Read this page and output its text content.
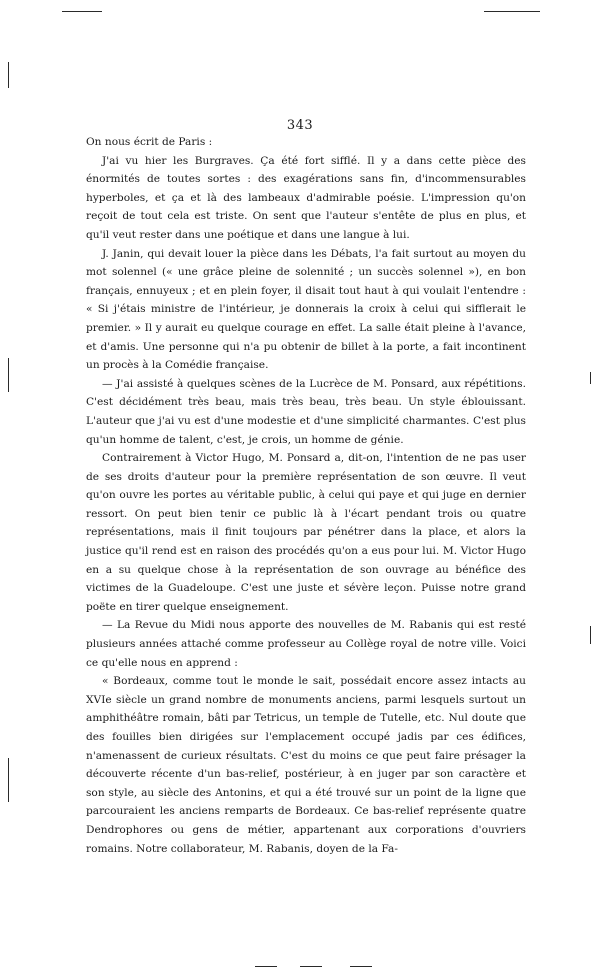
343

On nous écrit de Paris :

J'ai vu hier les Burgraves. Ça été fort sifflé. Il y a dans cette pièce des énormités de toutes sortes : des exagérations sans fin, d'incommensurables hyperboles, et ça et là des lambeaux d'admirable poésie. L'impression qu'on reçoit de tout cela est triste. On sent que l'auteur s'entête de plus en plus, et qu'il veut rester dans une poétique et dans une langue à lui.

J. Janin, qui devait louer la pièce dans les Débats, l'a fait surtout au moyen du mot solennel (« une grâce pleine de solennité ; un succès solennel »), en bon français, ennuyeux ; et en plein foyer, il disait tout haut à qui voulait l'entendre : « Si j'étais ministre de l'intérieur, je donnerais la croix à celui qui sifflerait le premier. » Il y aurait eu quelque courage en effet. La salle était pleine à l'avance, et d'amis. Une personne qui n'a pu obtenir de billet à la porte, a fait incontinent un procès à la Comédie française.

— J'ai assisté à quelques scènes de la Lucrèce de M. Ponsard, aux répétitions. C'est décidément très beau, mais très beau, très beau. Un style éblouissant. L'auteur que j'ai vu est d'une modestie et d'une simplicité charmantes. C'est plus qu'un homme de talent, c'est, je crois, un homme de génie.

Contrairement à Victor Hugo, M. Ponsard a, dit-on, l'intention de ne pas user de ses droits d'auteur pour la première représentation de son œuvre. Il veut qu'on ouvre les portes au véritable public, à celui qui paye et qui juge en dernier ressort. On peut bien tenir ce public là à l'écart pendant trois ou quatre représentations, mais il finit toujours par pénétrer dans la place, et alors la justice qu'il rend est en raison des procédés qu'on a eus pour lui. M. Victor Hugo en a su quelque chose à la représentation de son ouvrage au bénéfice des victimes de la Guadeloupe. C'est une juste et sévère leçon. Puisse notre grand poëte en tirer quelque enseignement.

— La Revue du Midi nous apporte des nouvelles de M. Rabanis qui est resté plusieurs années attaché comme professeur au Collège royal de notre ville. Voici ce qu'elle nous en apprend :

« Bordeaux, comme tout le monde le sait, possédait encore assez intacts au XVIe siècle un grand nombre de monuments anciens, parmi lesquels surtout un amphithéâtre romain, bâti par Tetricus, un temple de Tutelle, etc. Nul doute que des fouilles bien dirigées sur l'emplacement occupé jadis par ces édifices, n'amenassent de curieux résultats. C'est du moins ce que peut faire présager la découverte récente d'un bas-relief, postérieur, à en juger par son caractère et son style, au siècle des Antonins, et qui a été trouvé sur un point de la ligne que parcouraient les anciens remparts de Bordeaux. Ce bas-relief représente quatre Dendrophores ou gens de métier, appartenant aux corporations d'ouvriers romains. Notre collaborateur, M. Rabanis, doyen de la Fa-
